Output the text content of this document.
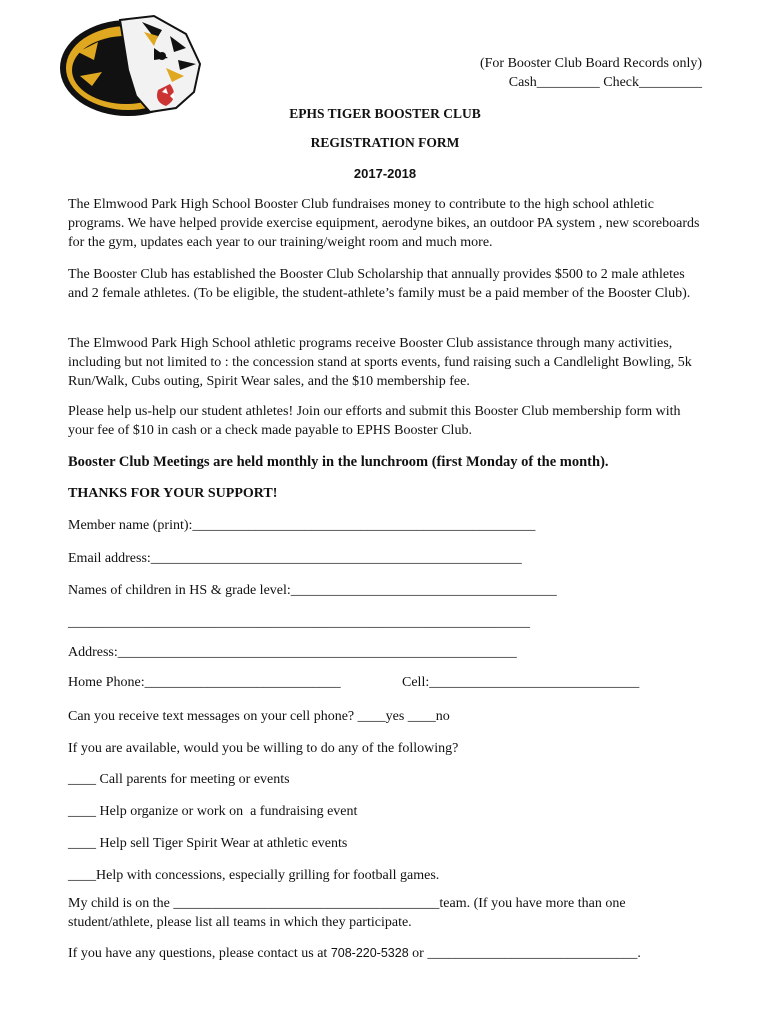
(For Booster Club Board Records only)
Cash_________ Check_________
EPHS TIGER BOOSTER CLUB
REGISTRATION FORM
2017-2018
The Elmwood Park High School Booster Club fundraises money to contribute to the high school athletic programs. We have helped provide exercise equipment, aerodyne bikes, an outdoor PA system , new scoreboards for the gym, updates each year to our training/weight room and much more.
The Booster Club has established the Booster Club Scholarship that annually provides $500 to 2 male athletes and 2 female athletes. (To be eligible, the student-athlete’s family must be a paid member of the Booster Club).
The Elmwood Park High School athletic programs receive Booster Club assistance through many activities, including but not limited to : the concession stand at sports events, fund raising such a Candlelight Bowling, 5k Run/Walk, Cubs outing, Spirit Wear sales, and the $10 membership fee.
Please help us-help our student athletes! Join our efforts and submit this Booster Club membership form with your fee of $10 in cash or a check made payable to EPHS Booster Club.
Booster Club Meetings are held monthly in the lunchroom (first Monday of the month).
THANKS FOR YOUR SUPPORT!
Member name (print):_________________________________________________
Email address:_____________________________________________________
Names of children in HS & grade level:______________________________________
__________________________________________________________________
Address:_________________________________________________________
Home Phone:____________________________	Cell:______________________________
Can you receive text messages on your cell phone? ____yes ____no
If you are available, would you be willing to do any of the following?
____ Call parents for meeting or events
____ Help organize or work on  a fundraising event
____ Help sell Tiger Spirit Wear at athletic events
____Help with concessions, especially grilling for football games.
My child is on the ______________________________________team. (If you have more than one student/athlete, please list all teams in which they participate.
If you have any questions, please contact us at 708-220-5328 or ______________________________.
